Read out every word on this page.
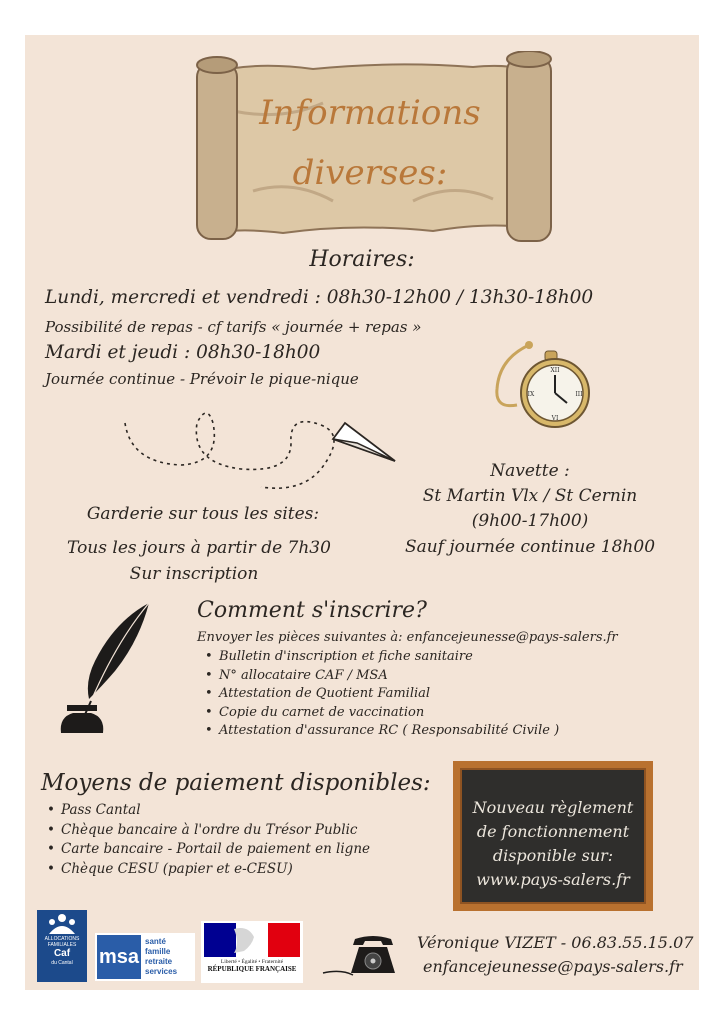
Informations
diverses:
Horaires:
Lundi, mercredi et vendredi : 08h30-12h00 / 13h30-18h00
Possibilité de repas - cf tarifs « journée + repas »
Mardi et jeudi : 08h30-18h00
Journée continue - Prévoir le pique-nique	XII
III
VI
IX
Navette :
St Martin Vlx / St Cernin
(9h00-17h00)
Sauf journée continue 18h00
Garderie sur tous les sites:
Tous les jours à partir de 7h30
Sur inscription
Comment s'inscrire?
Envoyer les pièces suivantes à: enfancejeunesse@pays-salers.fr
• Bulletin d'inscription et fiche sanitaire
• N° allocataire CAF / MSA
• Attestation de Quotient Familial
• Copie du carnet de vaccination
• Attestation d'assurance RC ( Responsabilité Civile )
Moyens de paiement disponibles:
• Pass Cantal
• Chèque bancaire à l'ordre du Trésor Public
• Carte bancaire - Portail de paiement en ligne
• Chèque CESU (papier et e-CESU)
Nouveau règlement
de fonctionnement
disponible sur:
www.pays-salers.fr
ALLOCATIONS
FAMILIALES
Caf
du Cantal	msa
santé
famille
retraite
services
Liberté • Égalité • Fraternité
RÉPUBLIQUE FRANÇAISE
Véronique VIZET - 06.83.55.15.07
enfancejeunesse@pays-salers.fr
